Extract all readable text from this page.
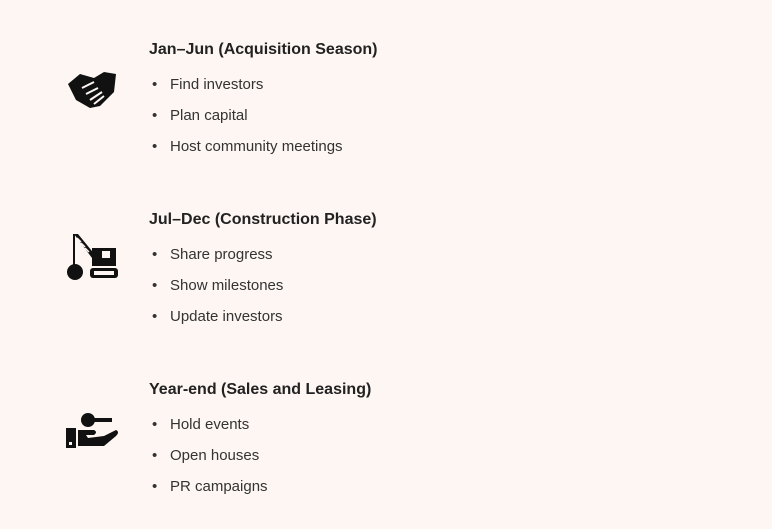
Jan–Jun (Acquisition Season)
• Find investors
• Plan capital
• Host community meetings
Jul–Dec (Construction Phase)
• Share progress
• Show milestones
• Update investors
Year-end (Sales and Leasing)
• Hold events
• Open houses
• PR campaigns
